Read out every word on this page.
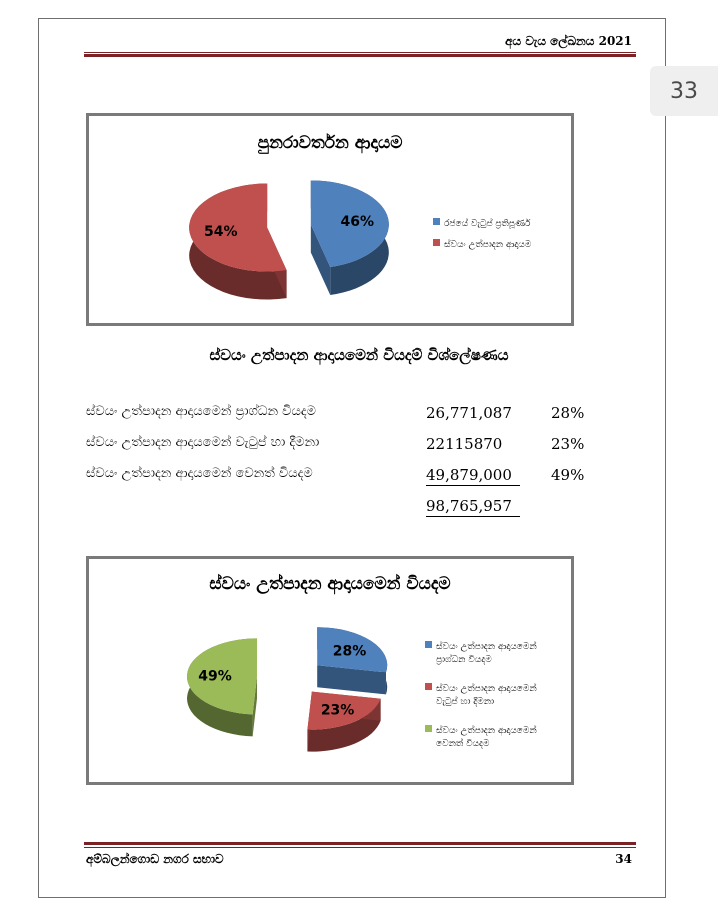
අය වැය ලේඛනය 2021
33
පුනරාවර්තන ආදායම
46%
54%	රජයේ වැටුප් ප්‍රතිපූර්ණ
ස්වයං උත්පාදන ආදායම
ස්වයං උත්පාදන ආදායමෙන් වියදම් විශ්ලේෂණය
ස්වයං උත්පාදන ආදායමෙන් ප්‍රාග්ධන වියදම	26,771,087	28%
ස්වයං උත්පාදන ආදායමෙන් වැටුප් හා දීමනා	22115870	23%
ස්වයං උත්පාදන ආදායමෙන් වෙනත් වියදම	49,879,000	49%
98,765,957
ස්වයං උත්පාදන ආදායමෙන් වියදම
28%
23%
49%
ස්වයං උත්පාදන ආදායමෙන්
ප්‍රාග්ධන වියදම
ස්වයං උත්පාදන ආදායමෙන්
වැටුප් හා දීමනා
ස්වයං උත්පාදන ආදායමෙන්
වෙනත් වියදම
අම්බලන්ගොඩ නගර සභාව	34
